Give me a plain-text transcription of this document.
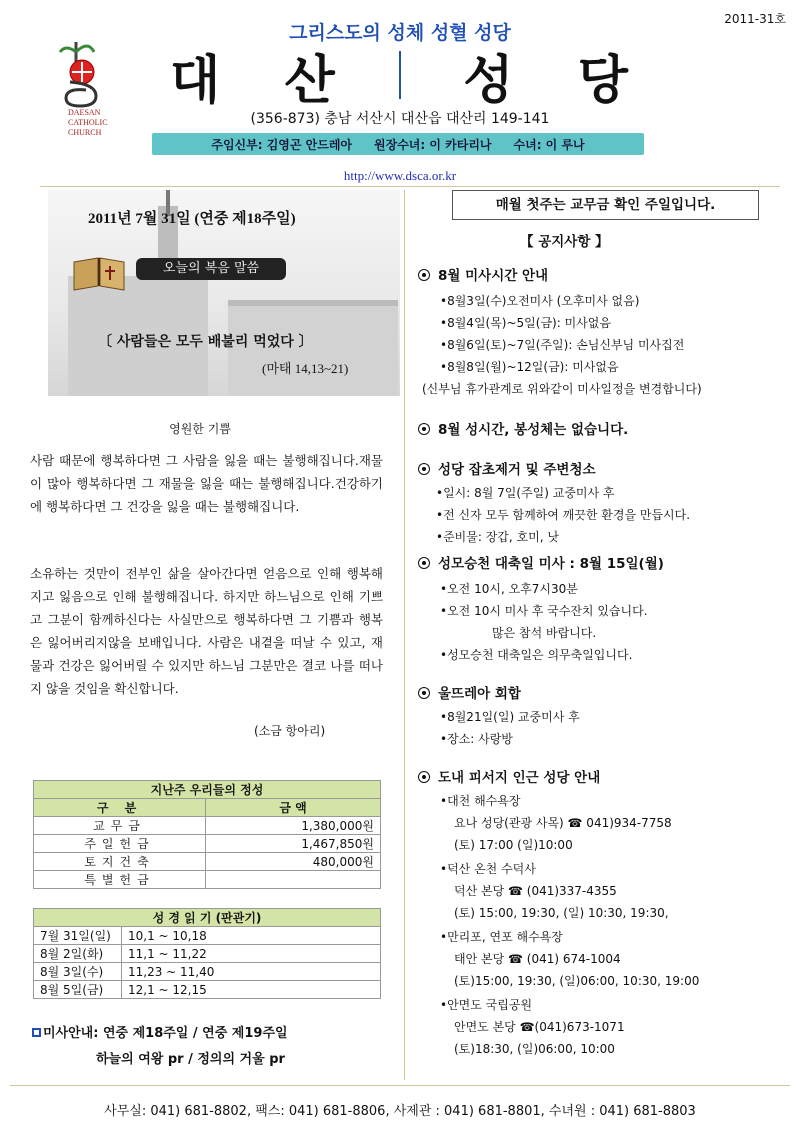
2011-31호
DAESAN
CATHOLIC
CHURCH
그리스도의 성체 성혈 성당
대 산 성 당
(356-873) 충남 서산시 대산읍 대산리 149-141
주임신부: 김영곤 안드레아 원장수녀: 이 카타리나 수녀: 이 루나
http://www.dsca.or.kr
2011년 7월 31일 (연중 제18주일)
오늘의 복음 말씀
〔 사람들은 모두 배불리 먹었다 〕
(마태 14,13~21)
영원한 기쁨
사람 때문에 행복하다면 그 사람을 잃을 때는 불행해집니다.재물이 많아 행복하다면 그 재물을 잃을 때는 불행해집니다.건강하기에 행복하다면 그 건강을 잃을 때는 불행해집니다.
소유하는 것만이 전부인 삶을 살아간다면 얻음으로 인해 행복해지고 잃음으로 인해 불행해집니다. 하지만 하느님으로 인해 기쁘고 그분이 함께하신다는 사실만으로 행복하다면 그 기쁨과 행복은 잃어버리지않을 보배입니다. 사람은 내곁을 떠날 수 있고, 재물과 건강은 잃어버릴 수 있지만 하느님 그분만은 결코 나를 떠나지 않을 것임을 확신합니다.
(소금 항아리)
지난주 우리들의 정성	
구 분	금 액
교무금	1,380,000원
주일헌금	1,467,850원
토지건축	480,000원
특별헌금	
성 경 읽 기 (판관기)	
7월 31일(일)	10,1 ~ 10,18
8월 2일(화)	11,1 ~ 11,22
8월 3일(수)	11,23 ~ 11,40
8월 5일(금)	12,1 ~ 12,15
미사안내: 연중 제18주일 / 연중 제19주일
하늘의 여왕 pr / 정의의 거울 pr
매월 첫주는 교무금 확인 주일입니다.
【 공지사항 】
8월 미사시간 안내
•8월3일(수)오전미사 (오후미사 없음)
•8월4일(목)~5일(금): 미사없음
•8월6일(토)~7일(주일): 손님신부님 미사집전
•8월8일(월)~12일(금): 미사없음
(신부님 휴가관계로 위와같이 미사일정을 변경합니다)
8월 성시간, 봉성체는 없습니다.
성당 잡초제거 및 주변청소
•일시: 8월 7일(주일) 교중미사 후
•전 신자 모두 함께하여 깨끗한 환경을 만듭시다.
•준비물: 장갑, 호미, 낫
성모승천 대축일 미사 : 8월 15일(월)
•오전 10시, 오후7시30분
•오전 10시 미사 후 국수잔치 있습니다.
많은 참석 바랍니다.
•성모승천 대축일은 의무축일입니다.
울뜨레아 회합
•8월21일(일) 교중미사 후
•장소: 사랑방
도내 피서지 인근 성당 안내
•대천 해수욕장
요나 성당(관광 사목) ☎ 041)934-7758
(토) 17:00 (일)10:00
•덕산 온천 수덕사
덕산 본당 ☎ (041)337-4355
(토) 15:00, 19:30, (일) 10:30, 19:30,
•만리포, 연포 해수욕장
태안 본당 ☎ (041) 674-1004
(토)15:00, 19:30, (일)06:00, 10:30, 19:00
•안면도 국립공원
안면도 본당 ☎(041)673-1071
(토)18:30, (일)06:00, 10:00
사무실: 041) 681-8802, 팩스: 041) 681-8806, 사제관 : 041) 681-8801, 수녀원 : 041) 681-8803
